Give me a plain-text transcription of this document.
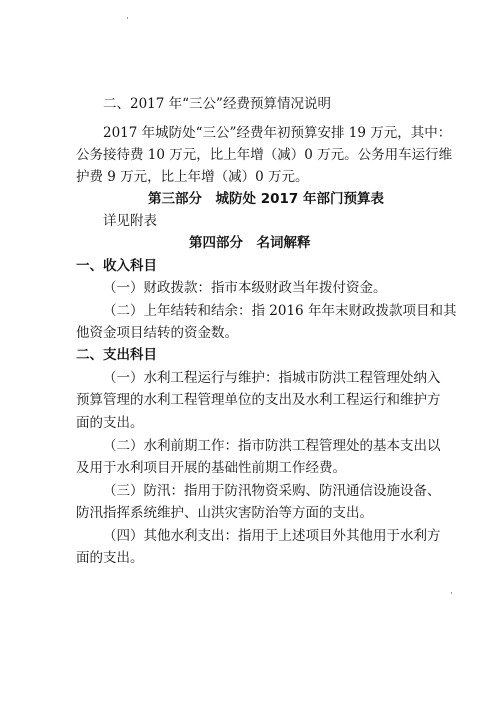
二、2017 年“三公”经费预算情况说明
2017 年城防处“三公”经费年初预算安排 19 万元，其中：
公务接待费 10 万元，比上年增（减）0 万元。公务用车运行维
护费 9 万元，比上年增（减）0 万元。
第三部分　城防处 2017 年部门预算表
详见附表
第四部分　名词解释
一、收入科目
（一）财政拨款：指市本级财政当年拨付资金。
（二）上年结转和结余：指 2016 年年末财政拨款项目和其
他资金项目结转的资金数。
二、支出科目
（一）水利工程运行与维护：指城市防洪工程管理处纳入
预算管理的水利工程管理单位的支出及水利工程运行和维护方
面的支出。
（二）水利前期工作：指市防洪工程管理处的基本支出以
及用于水利项目开展的基础性前期工作经费。
（三）防汛：指用于防汛物资采购、防汛通信设施设备、
防汛指挥系统维护、山洪灾害防治等方面的支出。
（四）其他水利支出：指用于上述项目外其他用于水利方
面的支出。
